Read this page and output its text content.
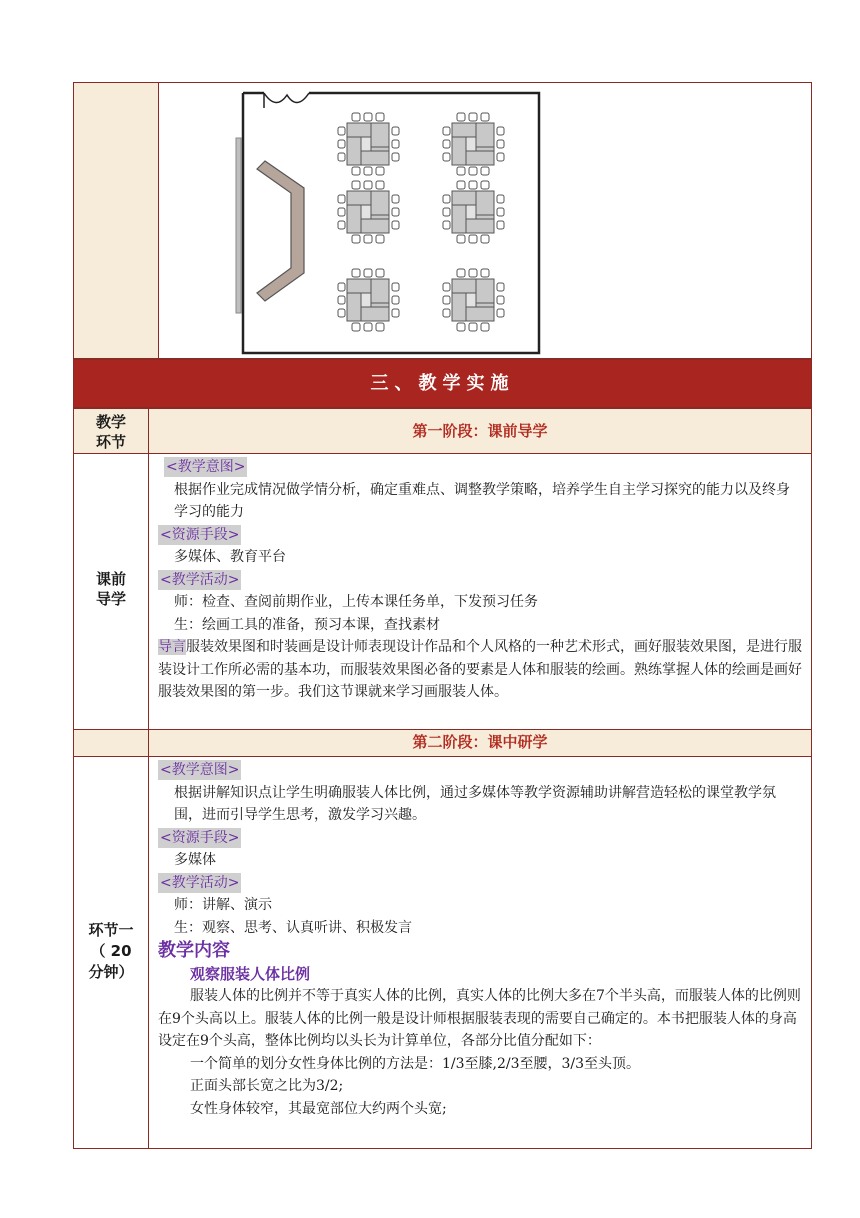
三、教学实施
教学
环节
第一阶段：课前导学
课前
导学

<教学意图>

根据作业完成情况做学情分析，确定重难点、调整教学策略，培养学生自主学习探究的能力以及终身学习的能力

<资源手段>

多媒体、教育平台

<教学活动>

师：检查、查阅前期作业，上传本课任务单，下发预习任务

生：绘画工具的准备，预习本课，查找素材

导言服装效果图和时装画是设计师表现设计作品和个人风格的一种艺术形式，画好服装效果图，是进行服装设计工作所必需的基本功，而服装效果图必备的要素是人体和服装的绘画。熟练掌握人体的绘画是画好服装效果图的第一步。我们这节课就来学习画服装人体。

第二阶段：课中研学
环节一
（ 20
分钟）

<教学意图>

根据讲解知识点让学生明确服装人体比例，通过多媒体等教学资源辅助讲解营造轻松的课堂教学氛围，进而引导学生思考，激发学习兴趣。

<资源手段>

多媒体

<教学活动>

师：讲解、演示

生：观察、思考、认真听讲、积极发言

教学内容

观察服装人体比例

服装人体的比例并不等于真实人体的比例，真实人体的比例大多在7个半头高，而服装人体的比例则在9个头高以上。服装人体的比例一般是设计师根据服装表现的需要自己确定的。本书把服装人体的身高设定在9个头高，整体比例均以头长为计算单位，各部分比值分配如下：

一个简单的划分女性身体比例的方法是：1/3至膝,2/3至腰，3/3至头顶。

正面头部长宽之比为3/2;

女性身体较窄，其最宽部位大约两个头宽;
